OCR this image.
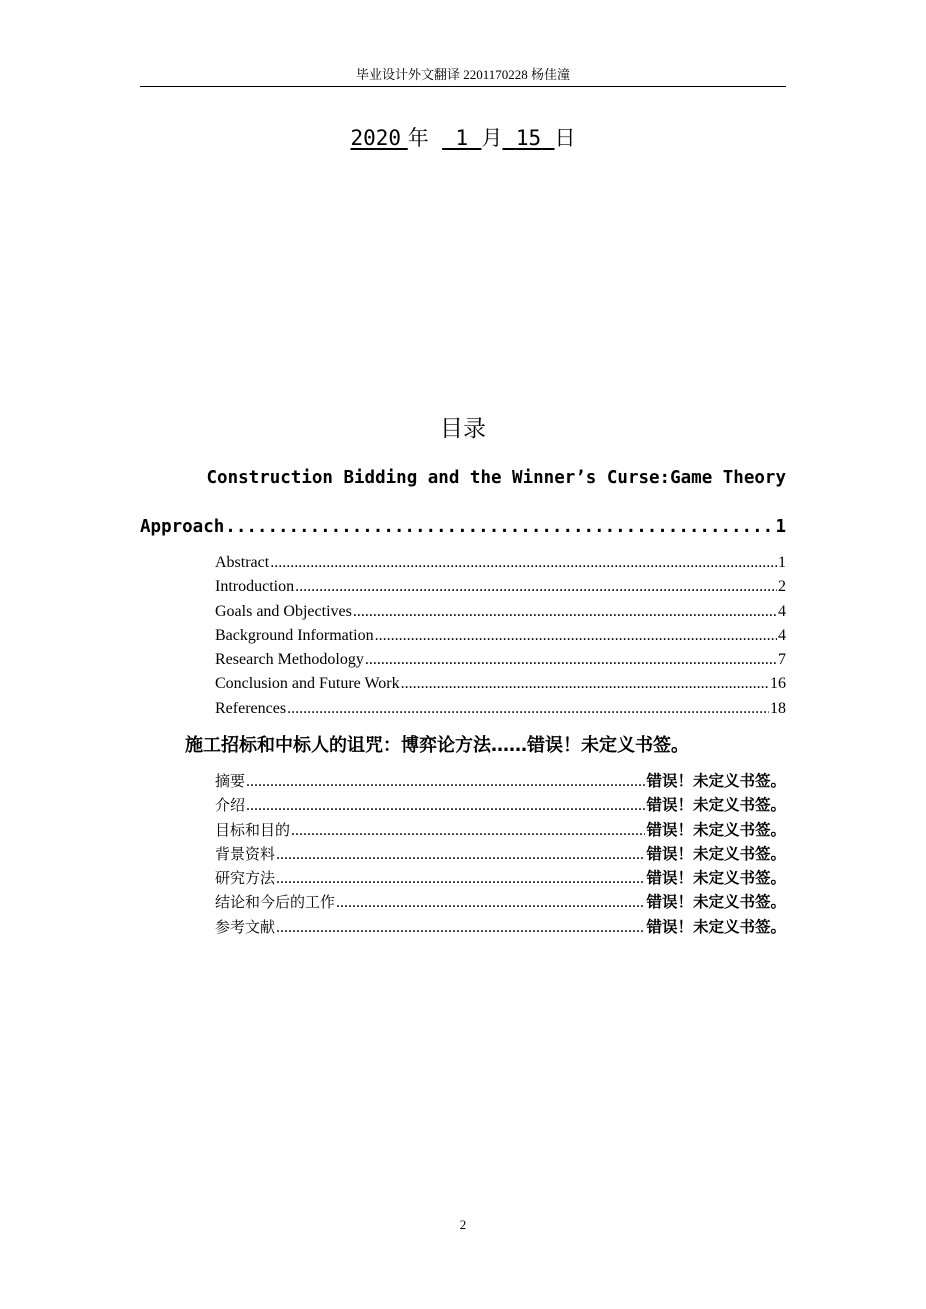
毕业设计外文翻译 2201170228 杨佳潼
2020 年 1 月 15 日
目录
Construction Bidding and the Winner’s Curse:Game Theory
Approach .....	1
Abstract .....	1
Introduction .....	2
Goals and Objectives .....	4
Background Information .....	4
Research Methodology .....	7
Conclusion and Future Work .....	16
References .....	18
施工招标和中标人的诅咒：博弈论方法……错误！未定义书签。
摘要 .....	错误！未定义书签。
介绍 .....	错误！未定义书签。
目标和目的 .....	错误！未定义书签。
背景资料 .....	错误！未定义书签。
研究方法 .....	错误！未定义书签。
结论和今后的工作 .....	错误！未定义书签。
参考文献 .....	错误！未定义书签。
2
